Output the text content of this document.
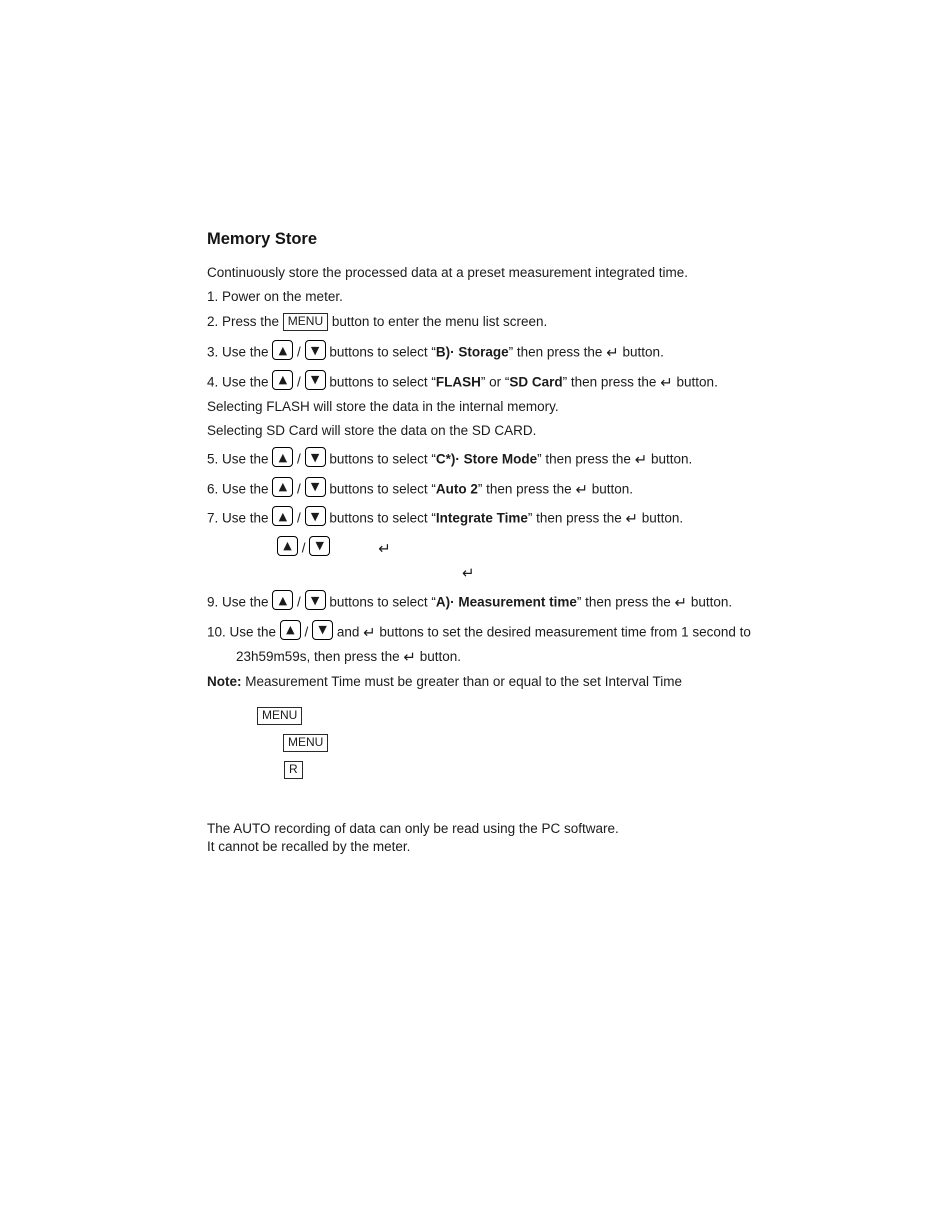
Memory Store
Continuously store the processed data at a preset measurement integrated time.
1. Power on the meter.
2. Press the MENU button to enter the menu list screen.
3. Use the ▲ / ▼ buttons to select “B)· Storage” then press the ↵ button.
4. Use the ▲ / ▼ buttons to select “FLASH” or “SD Card” then press the ↵ button.
Selecting FLASH will store the data in the internal memory.
Selecting SD Card will store the data on the SD CARD.
5. Use the ▲ / ▼ buttons to select “C*)· Store Mode” then press the ↵ button.
6. Use the ▲ / ▼ buttons to select “Auto 2” then press the ↵ button.
7. Use the ▲ / ▼ buttons to select “Integrate Time” then press the ↵ button.
▲ / ▼	↵
↵
9. Use the ▲ / ▼ buttons to select “A)· Measurement time” then press the ↵ button.
10. Use the ▲ / ▼ and ↵ buttons to set the desired measurement time from 1 second to
23h59m59s, then press the ↵ button.
Note: Measurement Time must be greater than or equal to the set Interval Time
MENU
MENU
R
The AUTO recording of data can only be read using the PC software.
It cannot be recalled by the meter.
